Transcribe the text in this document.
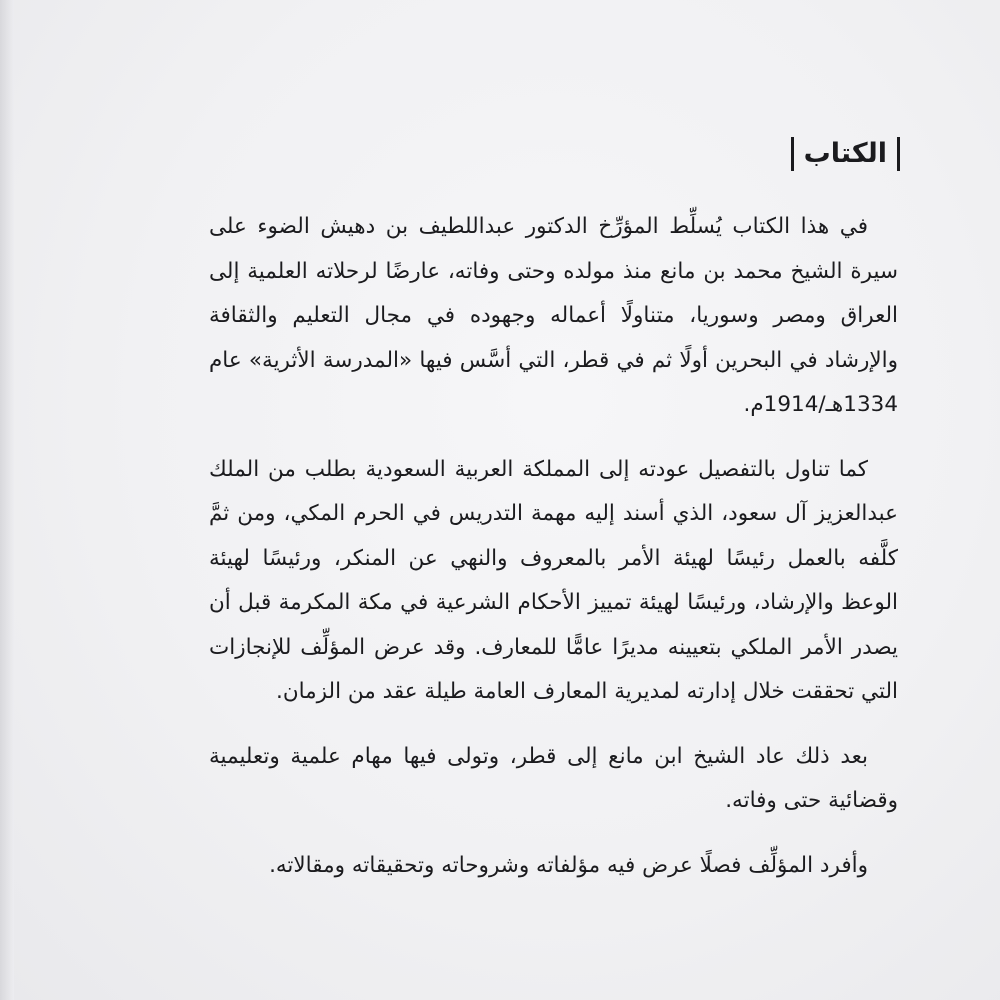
الكتاب

في هذا الكتاب يُسلِّط المؤرِّخ الدكتور عبداللطيف بن دهيش الضوء على سيرة الشيخ محمد بن مانع منذ مولده وحتى وفاته، عارضًا لرحلاته العلمية إلى العراق ومصر وسوريا، متناولًا أعماله وجهوده في مجال التعليم والثقافة والإرشاد في البحرين أولًا ثم في قطر، التي أسَّس فيها «المدرسة الأثرية» عام 1334هـ/1914م.

كما تناول بالتفصيل عودته إلى المملكة العربية السعودية بطلب من الملك عبدالعزيز آل سعود، الذي أسند إليه مهمة التدريس في الحرم المكي، ومن ثمَّ كلَّفه بالعمل رئيسًا لهيئة الأمر بالمعروف والنهي عن المنكر، ورئيسًا لهيئة الوعظ والإرشاد، ورئيسًا لهيئة تمييز الأحكام الشرعية في مكة المكرمة قبل أن يصدر الأمر الملكي بتعيينه مديرًا عامًّا للمعارف. وقد عرض المؤلِّف للإنجازات التي تحققت خلال إدارته لمديرية المعارف العامة طيلة عقد من الزمان.

بعد ذلك عاد الشيخ ابن مانع إلى قطر، وتولى فيها مهام علمية وتعليمية وقضائية حتى وفاته.

وأفرد المؤلِّف فصلًا عرض فيه مؤلفاته وشروحاته وتحقيقاته ومقالاته.
